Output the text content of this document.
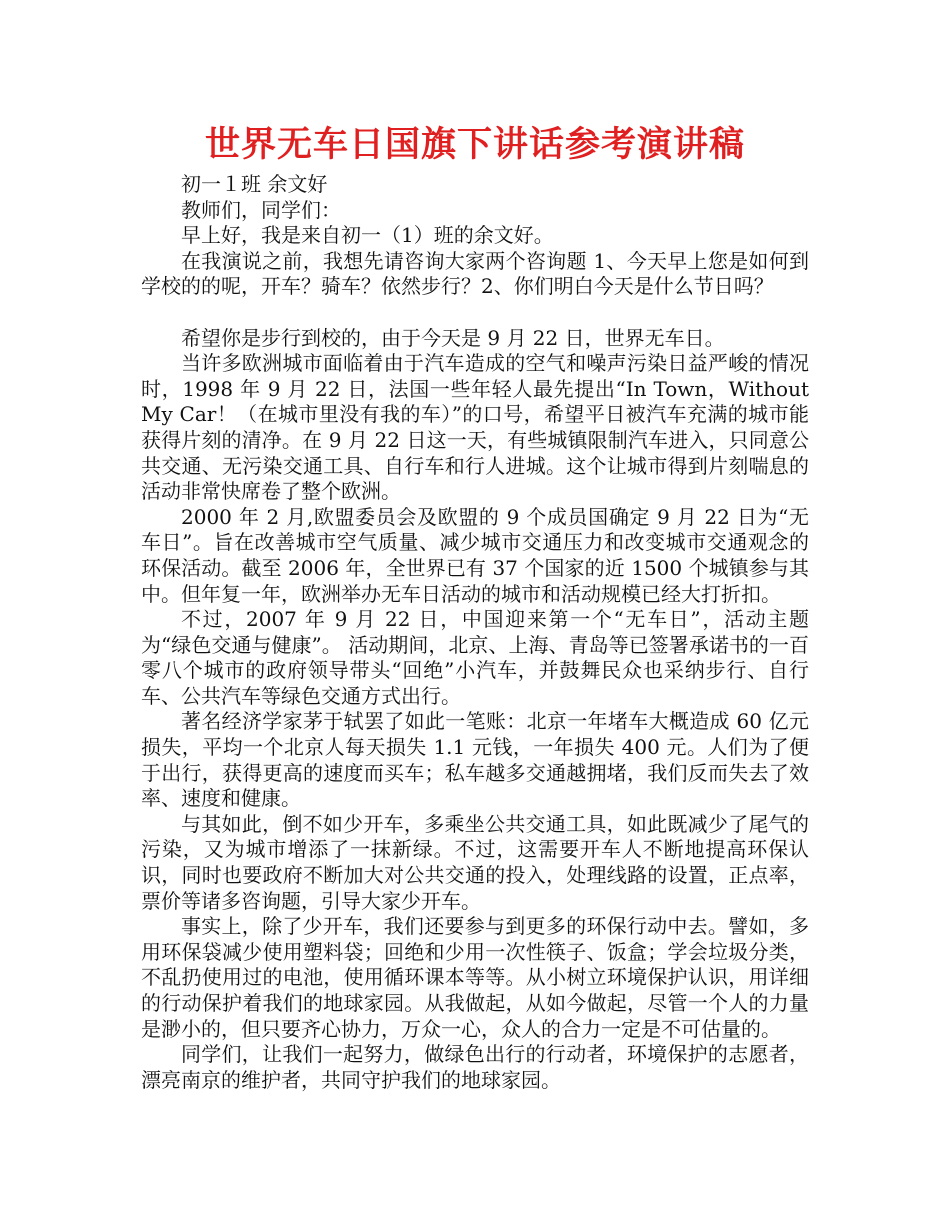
世界无车日国旗下讲话参考演讲稿

初一１班 余文好

教师们，同学们：

早上好，我是来自初一（1）班的余文好。

在我演说之前，我想先请咨询大家两个咨询题 1、今天早上您是如何到学校的的呢，开车？骑车？依然步行？2、你们明白今天是什么节日吗？

希望你是步行到校的，由于今天是 9 月 22 日，世界无车日。

当许多欧洲城市面临着由于汽车造成的空气和噪声污染日益严峻的情况时，1998 年 9 月 22 日，法国一些年轻人最先提出“In Town，Without My Car！（在城市里没有我的车）”的口号，希望平日被汽车充满的城市能获得片刻的清净。在 9 月 22 日这一天，有些城镇限制汽车进入，只同意公共交通、无污染交通工具、自行车和行人进城。这个让城市得到片刻喘息的活动非常快席卷了整个欧洲。

2000 年 2 月,欧盟委员会及欧盟的 9 个成员国确定 9 月 22 日为“无车日”。旨在改善城市空气质量、减少城市交通压力和改变城市交通观念的环保活动。截至 2006 年，全世界已有 37 个国家的近 1500 个城镇参与其中。但年复一年，欧洲举办无车日活动的城市和活动规模已经大打折扣。

不过，2007 年 9 月 22 日，中国迎来第一个“无车日”，活动主题为“绿色交通与健康”。 活动期间，北京、上海、青岛等已签署承诺书的一百零八个城市的政府领导带头“回绝”小汽车，并鼓舞民众也采纳步行、自行车、公共汽车等绿色交通方式出行。

著名经济学家茅于轼罢了如此一笔账：北京一年堵车大概造成 60 亿元损失，平均一个北京人每天损失 1.1 元钱，一年损失 400 元。人们为了便于出行，获得更高的速度而买车；私车越多交通越拥堵，我们反而失去了效率、速度和健康。

与其如此，倒不如少开车，多乘坐公共交通工具，如此既减少了尾气的污染，又为城市增添了一抹新绿。不过，这需要开车人不断地提高环保认识，同时也要政府不断加大对公共交通的投入，处理线路的设置，正点率，票价等诸多咨询题，引导大家少开车。

事实上，除了少开车，我们还要参与到更多的环保行动中去。譬如，多用环保袋减少使用塑料袋；回绝和少用一次性筷子、饭盒；学会垃圾分类，不乱扔使用过的电池，使用循环课本等等。从小树立环境保护认识，用详细的行动保护着我们的地球家园。从我做起，从如今做起，尽管一个人的力量是渺小的，但只要齐心协力，万众一心，众人的合力一定是不可估量的。

同学们，让我们一起努力，做绿色出行的行动者，环境保护的志愿者，漂亮南京的维护者，共同守护我们的地球家园。
